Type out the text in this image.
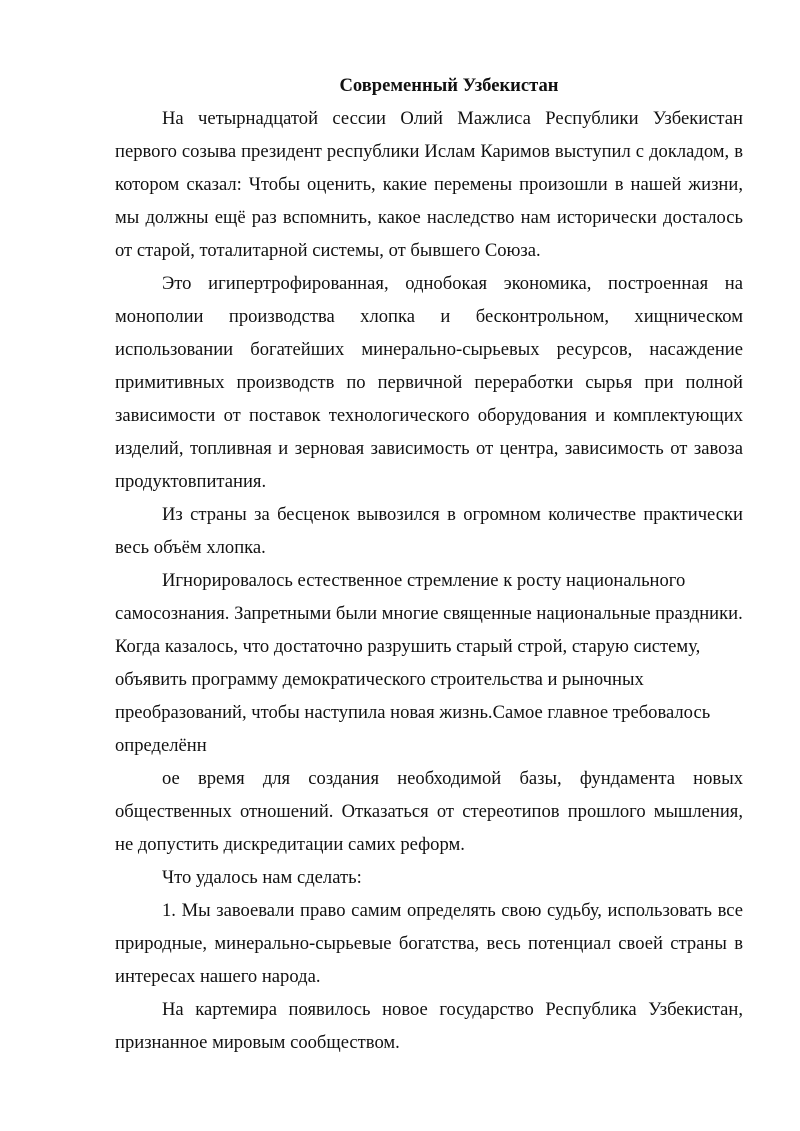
Современный Узбекистан

На четырнадцатой сессии Олий Мажлиса Республики Узбекистан первого созыва президент республики Ислам Каримов выступил с докладом, в котором сказал: Чтобы оценить, какие перемены произошли в нашей жизни, мы должны ещё раз вспомнить, какое наследство нам исторически досталось от старой, тоталитарной системы, от бывшего Союза.

Это игипертрофированная, однобокая экономика, построенная на монополии производства хлопка и бесконтрольном, хищническом использовании богатейших минерально-сырьевых ресурсов, насаждение примитивных производств по первичной переработки сырья при полной зависимости от поставок технологического оборудования и комплектующих изделий, топливная и зерновая зависимость от центра, зависимость от завоза продуктовпитания.

Из страны за бесценок вывозился в огромном количестве практически весь объём хлопка.

Игнорировалось естественное стремление к росту национального самосознания. Запретными были многие священные национальные праздники. Когда казалось, что достаточно разрушить старый строй, старую систему, объявить программу демократического строительства и рыночных преобразований, чтобы наступила новая жизнь.Самое главное требовалось определённ

ое время для создания необходимой базы, фундамента новых общественных отношений. Отказаться от стереотипов прошлого мышления, не допустить дискредитации самих реформ.

Что удалось нам сделать:

1. Мы завоевали право самим определять свою судьбу, использовать все природные, минерально-сырьевые богатства, весь потенциал своей страны в интересах нашего народа.

На картемира появилось новое государство Республика Узбекистан, признанное мировым сообществом.
